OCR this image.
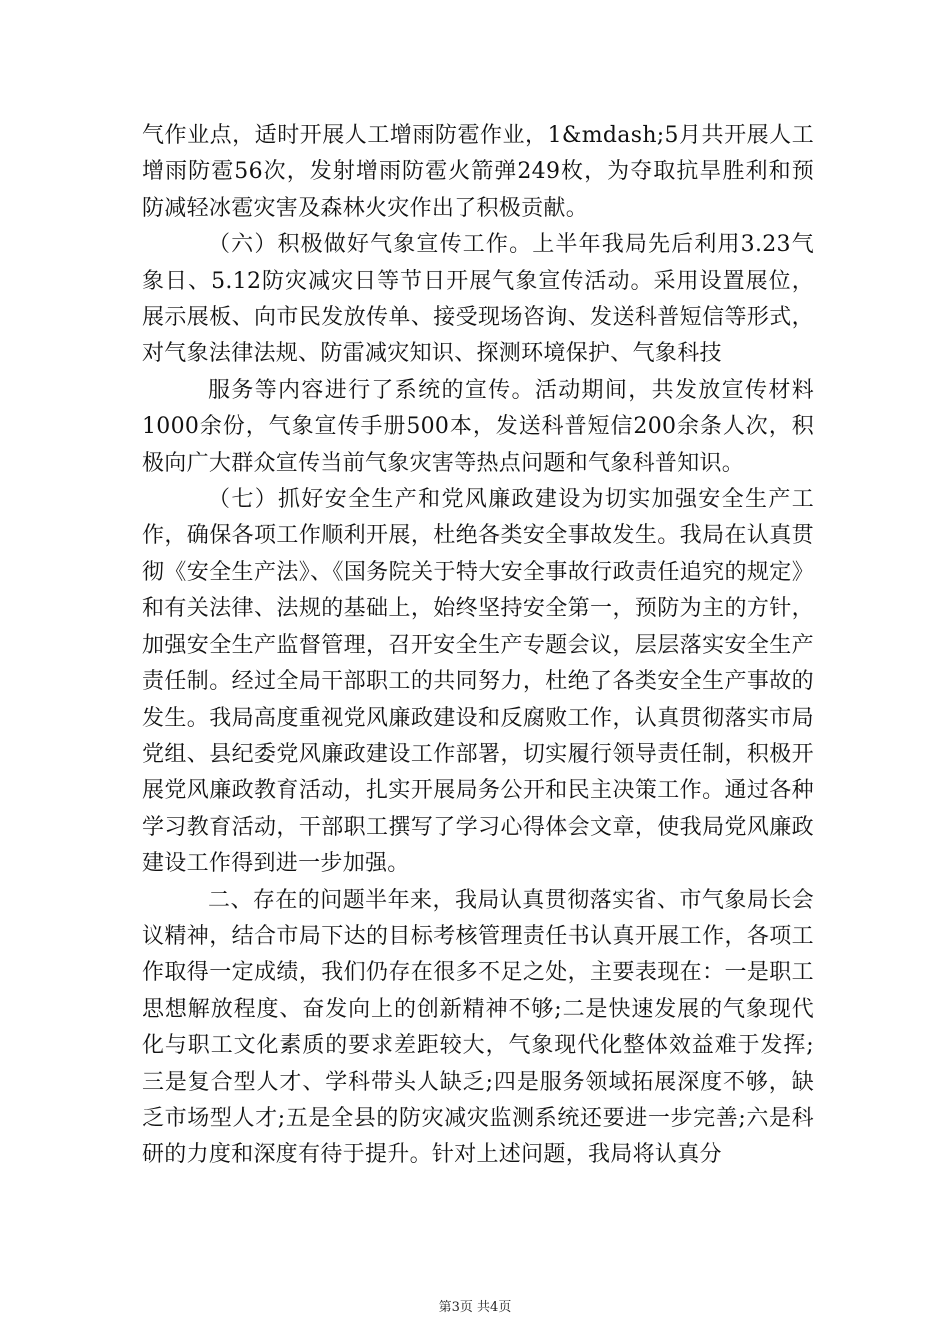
气作业点，适时开展人工增雨防雹作业，1&mdash;5月共开展人工增雨防雹56次，发射增雨防雹火箭弹249枚，为夺取抗旱胜利和预防减轻冰雹灾害及森林火灾作出了积极贡献。

（六）积极做好气象宣传工作。上半年我局先后利用3.23气象日、5.12防灾减灾日等节日开展气象宣传活动。采用设置展位，展示展板、向市民发放传单、接受现场咨询、发送科普短信等形式，对气象法律法规、防雷减灾知识、探测环境保护、气象科技

服务等内容进行了系统的宣传。活动期间，共发放宣传材料1000余份，气象宣传手册500本，发送科普短信200余条人次，积极向广大群众宣传当前气象灾害等热点问题和气象科普知识。

（七）抓好安全生产和党风廉政建设为切实加强安全生产工作，确保各项工作顺利开展，杜绝各类安全事故发生。我局在认真贯彻《安全生产法》、《国务院关于特大安全事故行政责任追究的规定》和有关法律、法规的基础上，始终坚持安全第一，预防为主的方针，加强安全生产监督管理，召开安全生产专题会议，层层落实安全生产责任制。经过全局干部职工的共同努力，杜绝了各类安全生产事故的发生。我局高度重视党风廉政建设和反腐败工作，认真贯彻落实市局党组、县纪委党风廉政建设工作部署，切实履行领导责任制，积极开展党风廉政教育活动，扎实开展局务公开和民主决策工作。通过各种学习教育活动，干部职工撰写了学习心得体会文章，使我局党风廉政建设工作得到进一步加强。

二、存在的问题半年来，我局认真贯彻落实省、市气象局长会议精神，结合市局下达的目标考核管理责任书认真开展工作，各项工作取得一定成绩，我们仍存在很多不足之处，主要表现在：一是职工思想解放程度、奋发向上的创新精神不够;二是快速发展的气象现代化与职工文化素质的要求差距较大，气象现代化整体效益难于发挥;三是复合型人才、学科带头人缺乏;四是服务领域拓展深度不够，缺乏市场型人才;五是全县的防灾减灾监测系统还要进一步完善;六是科研的力度和深度有待于提升。针对上述问题，我局将认真分

第3页 共4页
